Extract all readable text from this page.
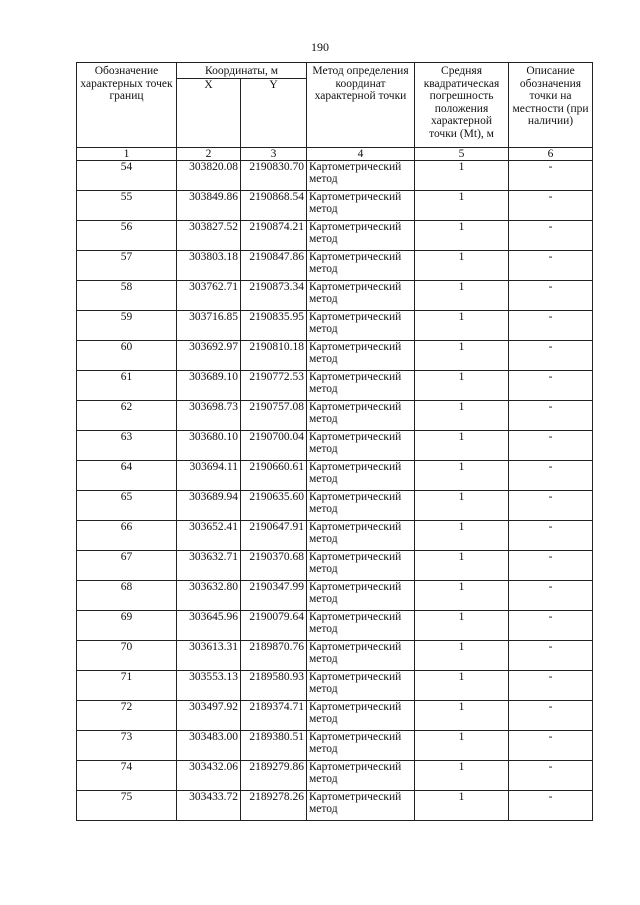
190
Обозначение характерных точек границ	Координаты, м		Метод определения координат характерной точки	Средняя квадратическая погрешность положения характерной точки (Mt), м	Описание обозначения точки на местности (при наличии)
	X	Y			
1	2	3	4	5	6
54	303820.08	2190830.70	Картометрический метод	1	-
55	303849.86	2190868.54	Картометрический метод	1	-
56	303827.52	2190874.21	Картометрический метод	1	-
57	303803.18	2190847.86	Картометрический метод	1	-
58	303762.71	2190873.34	Картометрический метод	1	-
59	303716.85	2190835.95	Картометрический метод	1	-
60	303692.97	2190810.18	Картометрический метод	1	-
61	303689.10	2190772.53	Картометрический метод	1	-
62	303698.73	2190757.08	Картометрический метод	1	-
63	303680.10	2190700.04	Картометрический метод	1	-
64	303694.11	2190660.61	Картометрический метод	1	-
65	303689.94	2190635.60	Картометрический метод	1	-
66	303652.41	2190647.91	Картометрический метод	1	-
67	303632.71	2190370.68	Картометрический метод	1	-
68	303632.80	2190347.99	Картометрический метод	1	-
69	303645.96	2190079.64	Картометрический метод	1	-
70	303613.31	2189870.76	Картометрический метод	1	-
71	303553.13	2189580.93	Картометрический метод	1	-
72	303497.92	2189374.71	Картометрический метод	1	-
73	303483.00	2189380.51	Картометрический метод	1	-
74	303432.06	2189279.86	Картометрический метод	1	-
75	303433.72	2189278.26	Картометрический метод	1	-
